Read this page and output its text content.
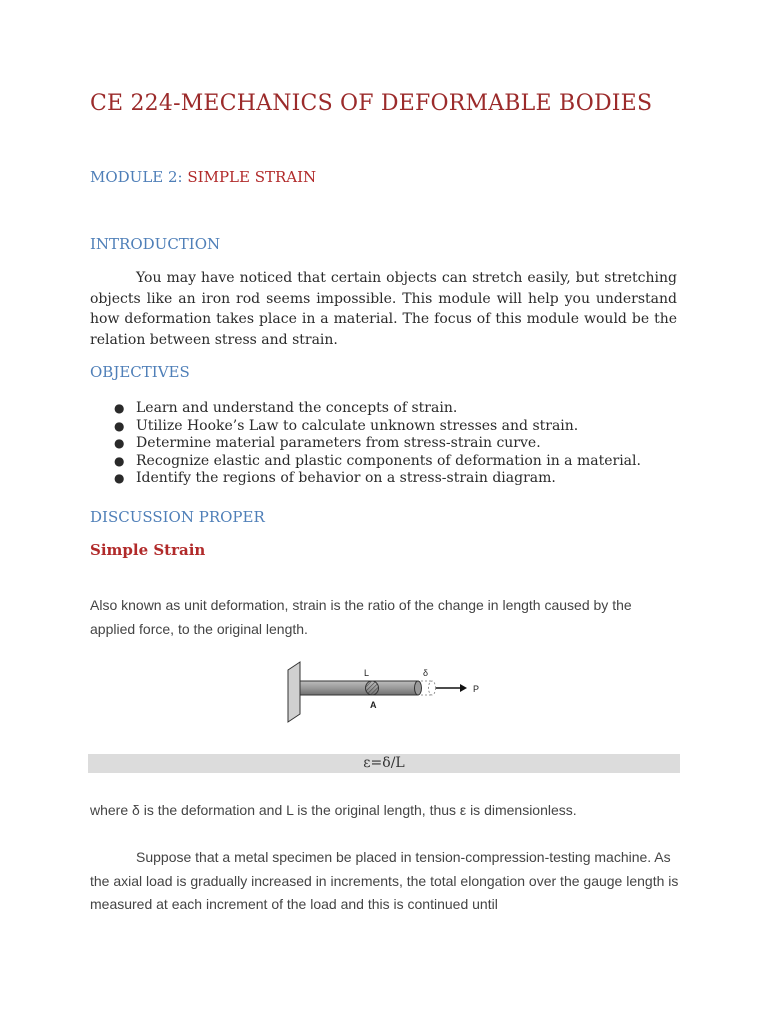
CE 224-MECHANICS OF DEFORMABLE BODIES
MODULE 2: SIMPLE STRAIN
INTRODUCTION

You may have noticed that certain objects can stretch easily, but stretching objects like an iron rod seems impossible. This module will help you understand how deformation takes place in a material. The focus of this module would be the relation between stress and strain.

OBJECTIVES
● Learn and understand the concepts of strain.
● Utilize Hooke’s Law to calculate unknown stresses and strain.
● Determine material parameters from stress-strain curve.
● Recognize elastic and plastic components of deformation in a material.
● Identify the regions of behavior on a stress-strain diagram.
DISCUSSION PROPER
Simple Strain

Also known as unit deformation, strain is the ratio of the change in length caused by the applied force, to the original length.

L	δ
A
P
ε=δ/L

where δ is the deformation and L is the original length, thus ε is dimensionless.

Suppose that a metal specimen be placed in tension-compression-testing machine. As the axial load is gradually increased in increments, the total elongation over the gauge length is measured at each increment of the load and this is continued until
